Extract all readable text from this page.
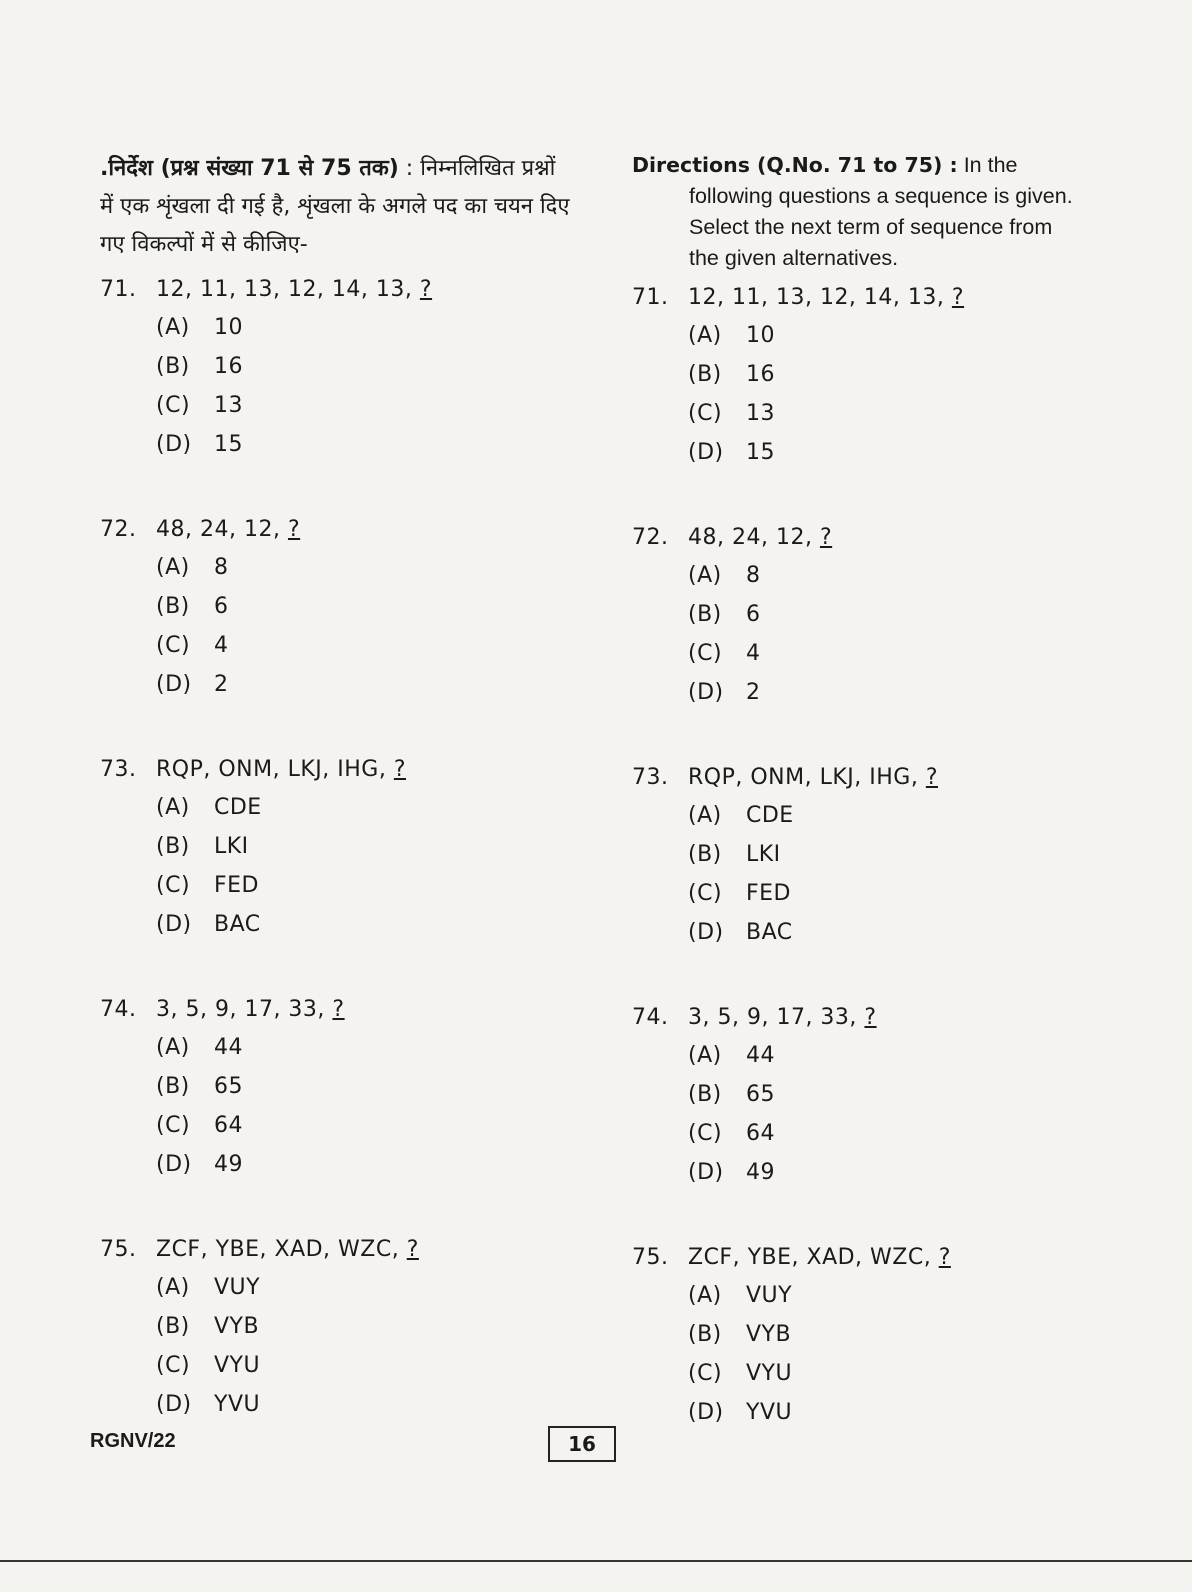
.निर्देश (प्रश्न संख्या 71 से 75 तक) : निम्नलिखित प्रश्नों में एक शृंखला दी गई है, शृंखला के अगले पद का चयन दिए गए विकल्पों में से कीजिए-

71. 12, 11, 13, 12, 14, 13, ?
(A) 10
(B) 16
(C) 13
(D) 15
72. 48, 24, 12, ?
(A) 8
(B) 6
(C) 4
(D) 2
73. RQP, ONM, LKJ, IHG, ?
(A) CDE
(B) LKI
(C) FED
(D) BAC
74. 3, 5, 9, 17, 33, ?
(A) 44
(B) 65
(C) 64
(D) 49
75. ZCF, YBE, XAD, WZC, ?
(A) VUY
(B) VYB
(C) VYU
(D) YVU

Directions (Q.No. 71 to 75) : In the following questions a sequence is given. Select the next term of sequence from the given alternatives.

71. 12, 11, 13, 12, 14, 13, ?
(A) 10
(B) 16
(C) 13
(D) 15
72. 48, 24, 12, ?
(A) 8
(B) 6
(C) 4
(D) 2
73. RQP, ONM, LKJ, IHG, ?
(A) CDE
(B) LKI
(C) FED
(D) BAC
74. 3, 5, 9, 17, 33, ?
(A) 44
(B) 65
(C) 64
(D) 49
75. ZCF, YBE, XAD, WZC, ?
(A) VUY
(B) VYB
(C) VYU
(D) YVU
RGNV/22	16
